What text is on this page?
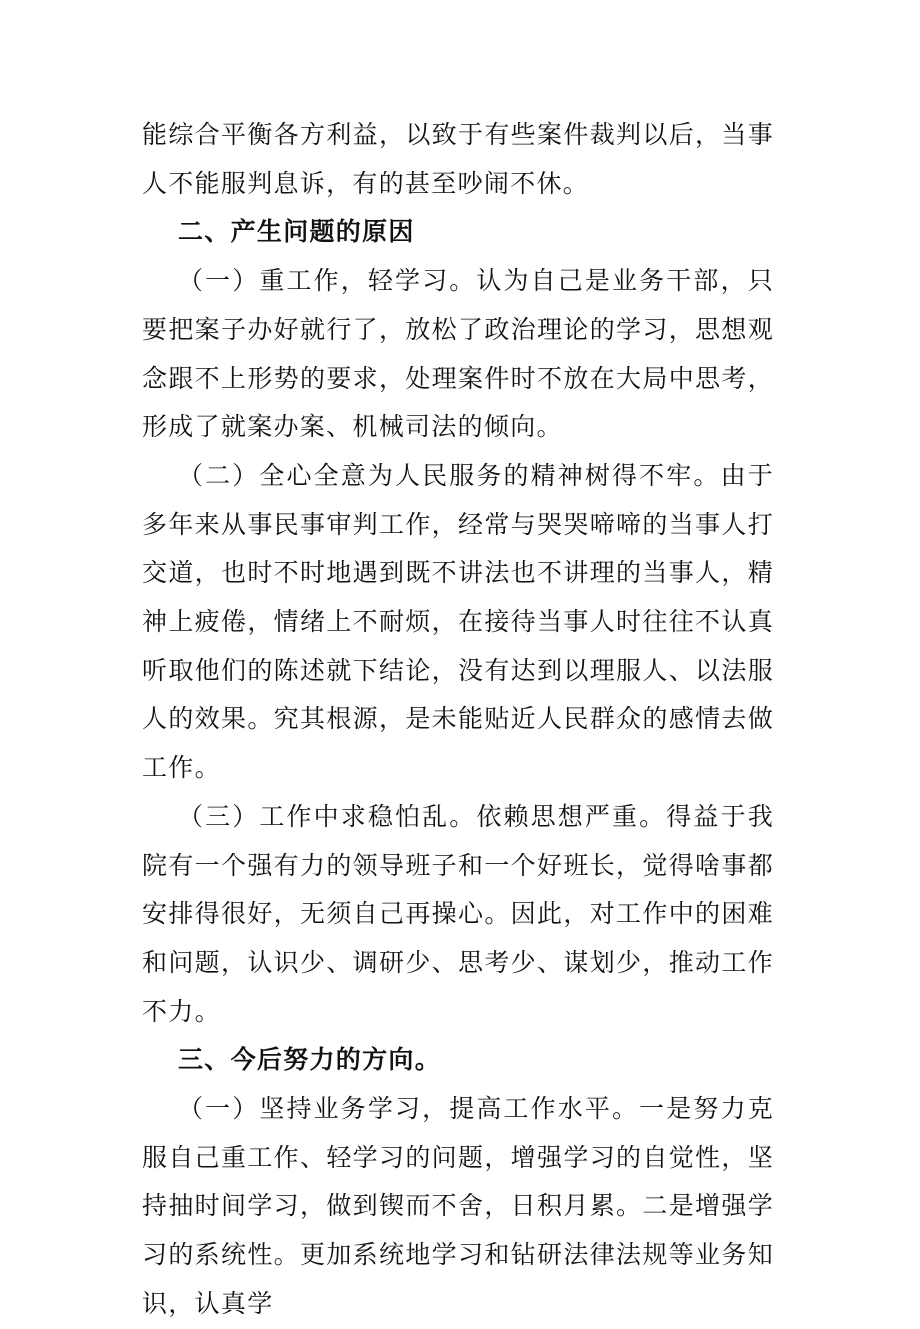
能综合平衡各方利益，以致于有些案件裁判以后，当事人不能服判息诉，有的甚至吵闹不休。

二、产生问题的原因

（一）重工作，轻学习。认为自己是业务干部，只要把案子办好就行了，放松了政治理论的学习，思想观念跟不上形势的要求，处理案件时不放在大局中思考，形成了就案办案、机械司法的倾向。

（二）全心全意为人民服务的精神树得不牢。由于多年来从事民事审判工作，经常与哭哭啼啼的当事人打交道，也时不时地遇到既不讲法也不讲理的当事人，精神上疲倦，情绪上不耐烦，在接待当事人时往往不认真听取他们的陈述就下结论，没有达到以理服人、以法服人的效果。究其根源，是未能贴近人民群众的感情去做工作。

（三）工作中求稳怕乱。依赖思想严重。得益于我院有一个强有力的领导班子和一个好班长，觉得啥事都安排得很好，无须自己再操心。因此，对工作中的困难和问题，认识少、调研少、思考少、谋划少，推动工作不力。

三、今后努力的方向。

（一）坚持业务学习，提高工作水平。一是努力克服自己重工作、轻学习的问题，增强学习的自觉性，坚持抽时间学习，做到锲而不舍，日积月累。二是增强学习的系统性。更加系统地学习和钻研法律法规等业务知识，认真学
